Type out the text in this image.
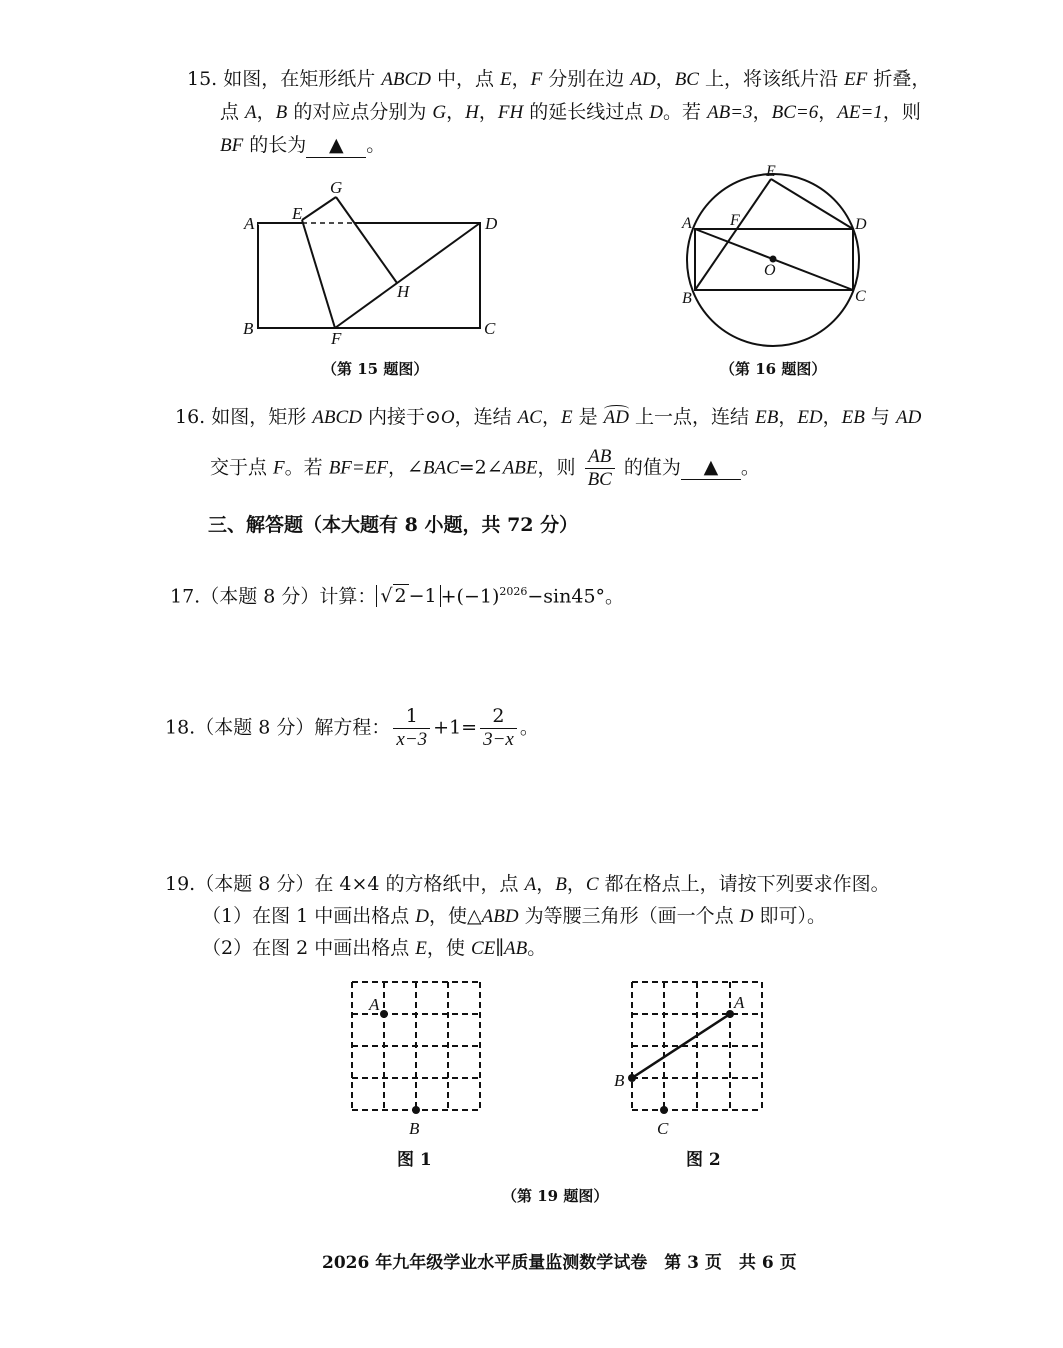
15. 如图，在矩形纸片 ABCD 中，点 E，F 分别在边 AD，BC 上，将该纸片沿 EF 折叠，
点 A，B 的对应点分别为 G，H，FH 的延长线过点 D。若 AB=3，BC=6，AE=1，则
BF 的长为 ▲ 。
A
E
G
D
H
B
F
C
（第 15 题图）
E
A F	D
O
B	C
（第 16 题图）
16. 如图，矩形 ABCD 内接于⊙O，连结 AC，E 是 AD 上一点，连结 EB，ED，EB 与 AD
交于点 F。若 BF=EF，∠BAC=2∠ABE，则 $\frac{AB}{BC}$ 的值为 ▲ 。
三、解答题（本大题有 8 小题，共 72 分）
17.（本题 8 分）计算： √ $2 -1 +(-1)^{2026}-\sin 45^\circ$。
18.（本题 8 分）解方程： $\frac{1}{x-3} +1= \frac{2}{3-x}$ 。
19.（本题 8 分）在 4×4 的方格纸中，点 A，B，C 都在格点上，请按下列要求作图。
（1）在图 1 中画出格点 D，使△ABD 为等腰三角形（画一个点 D 即可）。
（2）在图 2 中画出格点 E，使 CE∥AB。
A
B
图 1
A
B
C
图 2
（第 19 题图）
2026 年九年级学业水平质量监测数学试卷　第 3 页　共 6 页
